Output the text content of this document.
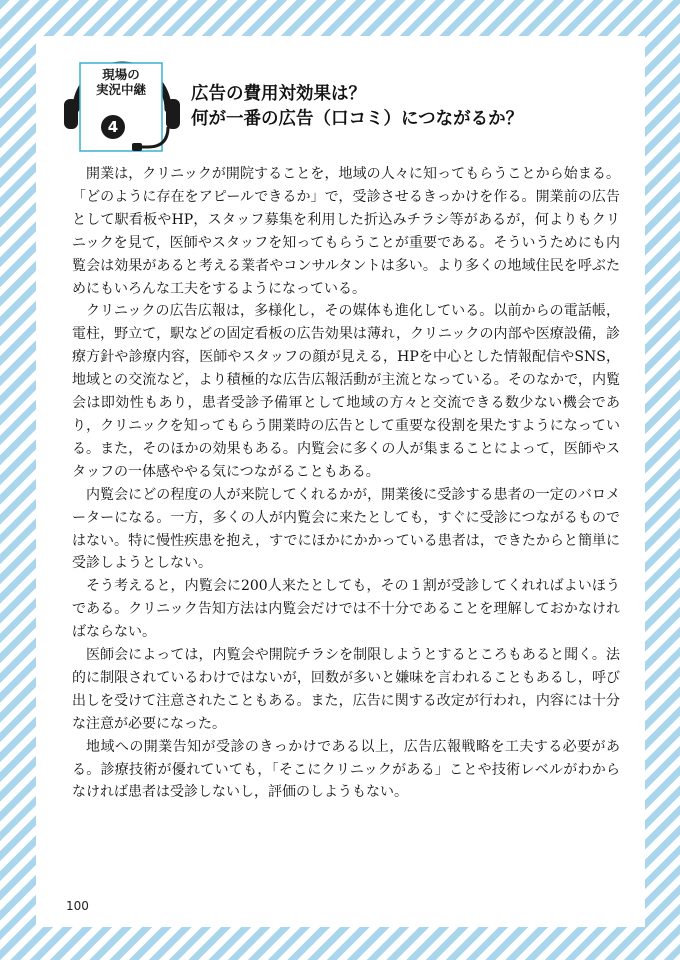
現場の
実況中継
4
広告の費用対効果は？
何が一番の広告（口コミ）につながるか？

開業は，クリニックが開院することを，地域の人々に知ってもらうことから始まる。「どのように存在をアピールできるか」で，受診させるきっかけを作る。開業前の広告として駅看板やHP，スタッフ募集を利用した折込みチラシ等があるが，何よりもクリニックを見て，医師やスタッフを知ってもらうことが重要である。そういうためにも内覧会は効果があると考える業者やコンサルタントは多い。より多くの地域住民を呼ぶためにもいろんな工夫をするようになっている。

クリニックの広告広報は，多様化し，その媒体も進化している。以前からの電話帳，電柱，野立て，駅などの固定看板の広告効果は薄れ，クリニックの内部や医療設備，診療方針や診療内容，医師やスタッフの顔が見える，HPを中心とした情報配信やSNS，地域との交流など，より積極的な広告広報活動が主流となっている。そのなかで，内覧会は即効性もあり，患者受診予備軍として地域の方々と交流できる数少ない機会であり，クリニックを知ってもらう開業時の広告として重要な役割を果たすようになっている。また，そのほかの効果もある。内覧会に多くの人が集まることによって，医師やスタッフの一体感ややる気につながることもある。

内覧会にどの程度の人が来院してくれるかが，開業後に受診する患者の一定のバロメーターになる。一方，多くの人が内覧会に来たとしても，すぐに受診につながるものではない。特に慢性疾患を抱え，すでにほかにかかっている患者は，できたからと簡単に受診しようとしない。

そう考えると，内覧会に200人来たとしても，その１割が受診してくれればよいほうである。クリニック告知方法は内覧会だけでは不十分であることを理解しておかなければならない。

医師会によっては，内覧会や開院チラシを制限しようとするところもあると聞く。法的に制限されているわけではないが，回数が多いと嫌味を言われることもあるし，呼び出しを受けて注意されたこともある。また，広告に関する改定が行われ，内容には十分な注意が必要になった。

地域への開業告知が受診のきっかけである以上，広告広報戦略を工夫する必要がある。診療技術が優れていても，「そこにクリニックがある」ことや技術レベルがわからなければ患者は受診しないし，評価のしようもない。

100
